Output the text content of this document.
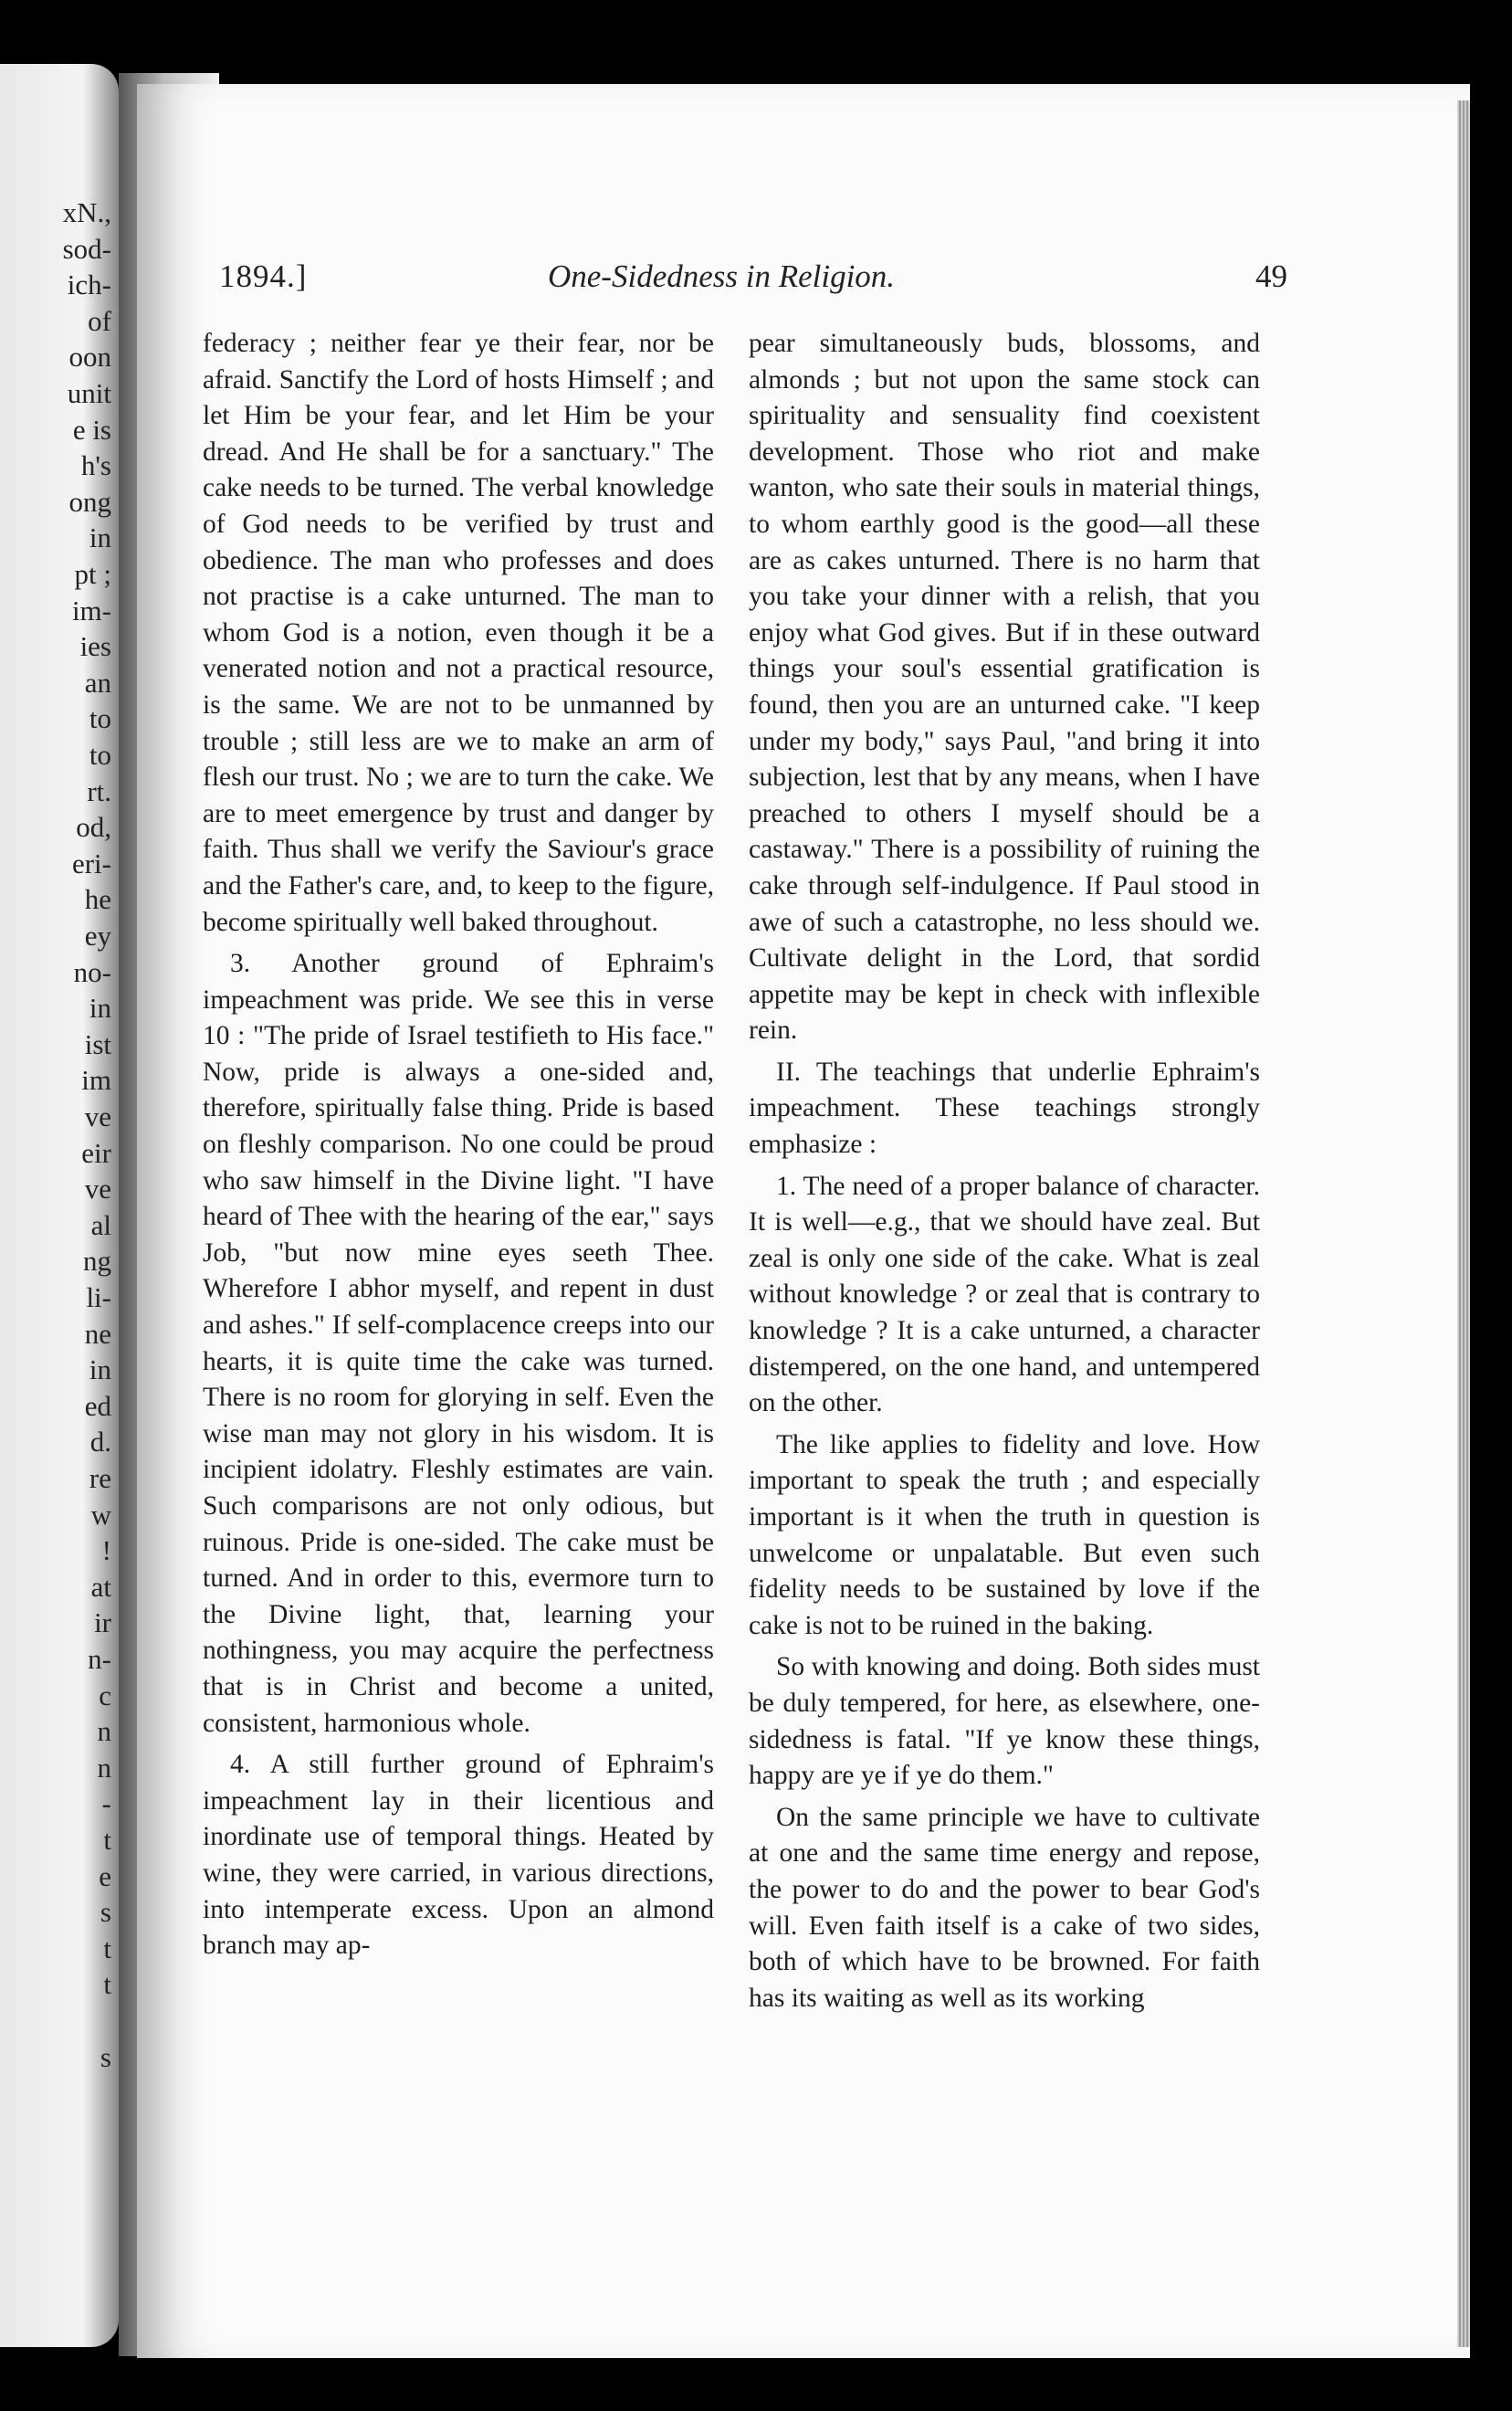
xN.,
sod-
ich-
of
oon
unit
e is
h's
ong
in
pt ;
im-
ies
an
to
to
rt.
od,
eri-
he
ey
no-
in
ist
im
ve
eir
ve
al
ng
li-
ne
in
ed
d.
re
w
!
at
ir
n-
c
n
n
-
t
e
s
t
t
s
1894.]	One-Sidedness in Religion.	49

federacy ; neither fear ye their fear, nor be afraid. Sanctify the Lord of hosts Himself ; and let Him be your fear, and let Him be your dread. And He shall be for a sanctuary." The cake needs to be turned. The verbal knowledge of God needs to be verified by trust and obedience. The man who professes and does not practise is a cake unturned. The man to whom God is a notion, even though it be a venerated notion and not a practical resource, is the same. We are not to be unmanned by trouble ; still less are we to make an arm of flesh our trust. No ; we are to turn the cake. We are to meet emergence by trust and danger by faith. Thus shall we verify the Saviour's grace and the Father's care, and, to keep to the figure, become spiritually well baked throughout.

3. Another ground of Ephraim's impeachment was pride. We see this in verse 10 : "The pride of Israel testifieth to His face." Now, pride is always a one-sided and, therefore, spiritually false thing. Pride is based on fleshly comparison. No one could be proud who saw himself in the Divine light. "I have heard of Thee with the hearing of the ear," says Job, "but now mine eyes seeth Thee. Wherefore I abhor myself, and repent in dust and ashes." If self-complacence creeps into our hearts, it is quite time the cake was turned. There is no room for glorying in self. Even the wise man may not glory in his wisdom. It is incipient idolatry. Fleshly estimates are vain. Such comparisons are not only odious, but ruinous. Pride is one-sided. The cake must be turned. And in order to this, evermore turn to the Divine light, that, learning your nothingness, you may acquire the perfectness that is in Christ and become a united, consistent, harmonious whole.

4. A still further ground of Ephraim's impeachment lay in their licentious and inordinate use of temporal things. Heated by wine, they were carried, in various directions, into intemperate excess. Upon an almond branch may ap-

pear simultaneously buds, blossoms, and almonds ; but not upon the same stock can spirituality and sensuality find coexistent development. Those who riot and make wanton, who sate their souls in material things, to whom earthly good is the good—all these are as cakes unturned. There is no harm that you take your dinner with a relish, that you enjoy what God gives. But if in these outward things your soul's essential gratification is found, then you are an unturned cake. "I keep under my body," says Paul, "and bring it into subjection, lest that by any means, when I have preached to others I myself should be a castaway." There is a possibility of ruining the cake through self-indulgence. If Paul stood in awe of such a catastrophe, no less should we. Cultivate delight in the Lord, that sordid appetite may be kept in check with inflexible rein.

II. The teachings that underlie Ephraim's impeachment. These teachings strongly emphasize :

1. The need of a proper balance of character. It is well—e.g., that we should have zeal. But zeal is only one side of the cake. What is zeal without knowledge ? or zeal that is contrary to knowledge ? It is a cake unturned, a character distempered, on the one hand, and untempered on the other.

The like applies to fidelity and love. How important to speak the truth ; and especially important is it when the truth in question is unwelcome or unpalatable. But even such fidelity needs to be sustained by love if the cake is not to be ruined in the baking.

So with knowing and doing. Both sides must be duly tempered, for here, as elsewhere, one-sidedness is fatal. "If ye know these things, happy are ye if ye do them."

On the same principle we have to cultivate at one and the same time energy and repose, the power to do and the power to bear God's will. Even faith itself is a cake of two sides, both of which have to be browned. For faith has its waiting as well as its working
